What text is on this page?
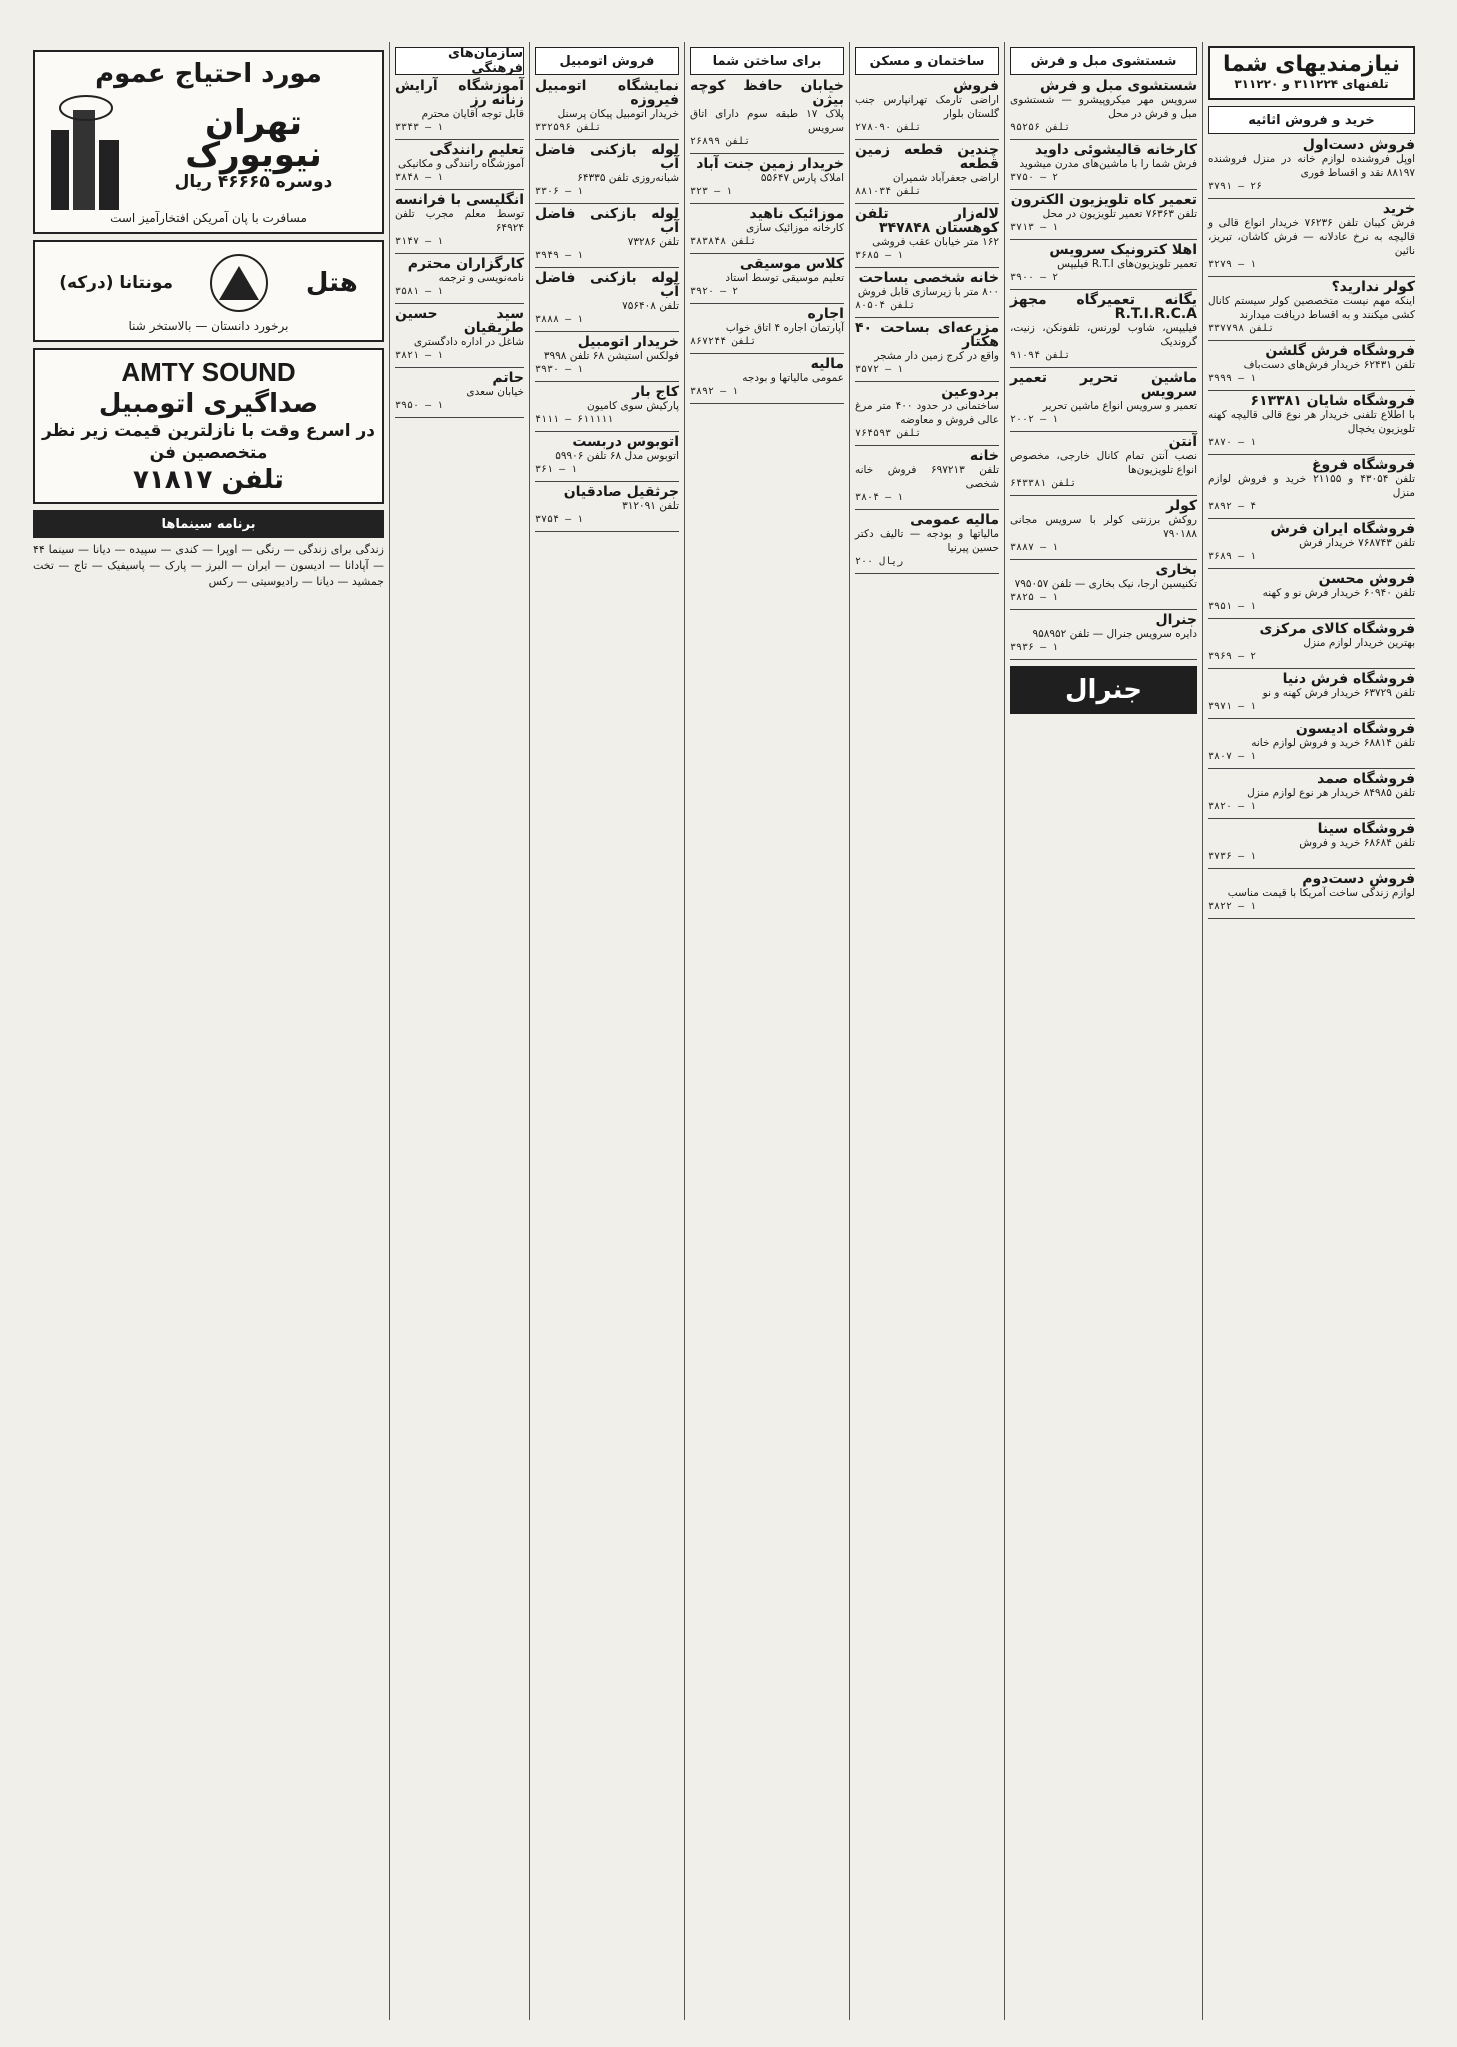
نیازمندیهای شما
تلفنهای ۳۱۱۲۲۴ و ۳۱۱۲۲۰
خرید و فروش اثاثیه
فروش دست‌اول
اوپل فروشنده لوازم خانه در منزل فروشنده ۸۸۱۹۷ نقد و اقساط فوری
۳۷۹۱ — ۲۶
خرید
فرش کیبان تلفن ۷۶۲۳۶ خریدار انواع قالی و قالیچه به نرخ عادلانه — فرش کاشان، تبریز، نائین
۳۲۷۹ — ۱
کولر ندارید؟
اینکه مهم نیست متخصصین کولر سیستم کانال کشی میکنند و به اقساط دریافت میدارند
تلفن ۳۳۷۷۹۸
فروشگاه فرش گلشن
تلفن ۶۲۴۳۱ خریدار فرش‌های دست‌باف
۳۹۹۹ — ۱
فروشگاه شایان ۶۱۳۳۸۱
با اطلاع تلفنی خریدار هر نوع قالی قالیچه کهنه تلویزیون یخچال
۳۸۷۰ — ۱
فروشگاه فروغ
تلفن ۴۳۰۵۴ و ۲۱۱۵۵ خرید و فروش لوازم منزل
۳۸۹۲ — ۴
فروشگاه ایران فرش
تلفن ۷۶۸۷۴۳ خریدار فرش
۳۶۸۹ — ۱
فروش محسن
تلفن ۶۰۹۴۰ خریدار فرش نو و کهنه
۳۹۵۱ — ۱
فروشگاه کالای مرکزی
بهترین خریدار لوازم منزل
۳۹۶۹ — ۲
فروشگاه فرش دنیا
تلفن ۶۳۷۲۹ خریدار فرش کهنه و نو
۳۹۷۱ — ۱
فروشگاه ادیسون
تلفن ۶۸۸۱۴ خرید و فروش لوازم خانه
۳۸۰۷ — ۱
فروشگاه صمد
تلفن ۸۴۹۸۵ خریدار هر نوع لوازم منزل
۳۸۲۰ — ۱
فروشگاه سینا
تلفن ۶۸۶۸۴ خرید و فروش
۳۷۳۶ — ۱
فروش دست‌دوم
لوازم زندگی ساخت آمریکا با قیمت مناسب
۳۸۲۲ — ۱
شستشوی مبل و فرش
شستشوی مبل و فرش
سرویس مهر میکروپیشرو — شستشوی مبل و فرش در محل
تلفن ۹۵۲۵۶
کارخانه قالیشوئی داوید
فرش شما را با ماشین‌های مدرن میشوید
۳۷۵۰ — ۲
تعمیر کاه تلویزیون الکترون
تلفن ۷۶۳۶۳ تعمیر تلویزیون در محل
۳۷۱۳ — ۱
اهلا کترونیک سرویس
تعمیر تلویزیون‌های R.T.I فیلیپس
۳۹۰۰ — ۲
یگانه تعمیرگاه مجهز R.T.I.R.C.A
فیلیپس، شاوب لورنس، تلفونکن، زنیت، گروندیک
تلفن ۹۱۰۹۴
ماشین تحریر تعمیر سرویس
تعمیر و سرویس انواع ماشین تحریر
۲۰۰۲ — ۱
آنتن
نصب آنتن تمام کانال خارجی، مخصوص انواع تلویزیون‌ها
تلفن ۶۴۳۳۸۱
کولر
روکش برزنتی کولر با سرویس مجانی ۷۹۰۱۸۸
۳۸۸۷ — ۱
بخاری
تکنیسین ارجا، نیک بخاری — تلفن ۷۹۵۰۵۷
۳۸۲۵ — ۱
جنرال
دایره سرویس جنرال — تلفن ۹۵۸۹۵۲
۳۹۳۶ — ۱
جنرال
ساختمان و مسکن
فروش
اراضی تارمک تهرانپارس جنب گلستان بلوار
تلفن ۲۷۸۰۹۰
چندین قطعه زمین قطعه
اراضی جعفرآباد شمیران
تلفن ۸۸۱۰۳۴
لاله‌زار تلفن کوهستان ۳۴۷۸۴۸
۱۶۲ متر خیابان عقب فروشی
۳۶۸۵ — ۱
خانه شخصی بساحت
۸۰۰ متر با زیرسازی قابل فروش
تلفن ۸۰۵۰۴
مزرعه‌ای بساحت ۴۰ هکتار
واقع در کرج زمین دار مشجر
۳۵۷۲ — ۱
بردوعین
ساختمانی در حدود ۴۰۰ متر مرغ عالی فروش و معاوضه
تلفن ۷۶۴۵۹۳
خانه
تلفن ۶۹۷۲۱۳ فروش خانه شخصی
۳۸۰۴ — ۱
مالیه عمومی
مالیاتها و بودجه — تالیف دکتر حسین پیرنیا
۲۰۰ ریال
برای ساختن شما
خیابان حافظ کوچه بیژن
پلاک ۱۷ طبقه سوم دارای اتاق سرویس
تلفن ۲۶۸۹۹
خریدار زمین جنت آباد
املاک پارس ۵۵۶۴۷
۳۲۳ — ۱
موزائیک ناهید
کارخانه موزائیک سازی
تلفن ۳۸۳۸۴۸
کلاس موسیقی
تعلیم موسیقی توسط استاد
۳۹۲۰ — ۲
اجاره
آپارتمان اجاره ۴ اتاق خواب
تلفن ۸۶۷۲۴۴
مالیه
عمومی مالیاتها و بودجه
۳۸۹۲ — ۱
فروش اتومبیل
نمایشگاه اتومبیل فیروزه
خریدار اتومبیل پیکان پرسنل
تلفن ۳۳۲۵۹۶
لوله بازکنی فاضل آب
شبانه‌روزی تلفن ۶۴۳۳۵
۳۳۰۶ — ۱
لوله بازکنی فاضل آب
تلفن ۷۳۲۸۶
۳۹۴۹ — ۱
لوله بازکنی فاضل آب
تلفن ۷۵۶۴۰۸
۳۸۸۸ — ۱
خریدار اتومبیل
فولکس استیشن ۶۸ تلفن ۳۹۹۸
۳۹۳۰ — ۱
کاج بار
پارکیش سوی کامیون
۴۱۱۱ — ۶۱۱۱۱۱
اتوبوس دربست
اتوبوس مدل ۶۸ تلفن ۵۹۹۰۶
۳۶۱ — ۱
جرثقیل صادقیان
تلفن ۳۱۲۰۹۱
۳۷۵۴ — ۱
سازمان‌های فرهنگی
آموزشگاه آرایش زنانه رز
قابل توجه آقایان محترم
۳۳۴۳ — ۱
تعلیم رانندگی
آموزشگاه رانندگی و مکانیکی
۳۸۴۸ — ۱
انگلیسی با فرانسه
توسط معلم مجرب تلفن ۶۴۹۲۴
۳۱۴۷ — ۱
کارگزاران محترم
نامه‌نویسی و ترجمه
۳۵۸۱ — ۱
سید حسین طریقیان
شاغل در اداره دادگستری
۳۸۲۱ — ۱
حاتم
خیابان سعدی
۳۹۵۰ — ۱
مورد احتیاج عموم
تهران
نیویورک
دوسره ۴۶۶۶۵ ریال
مسافرت با پان آمریکن افتخارآمیز است
هتل
مونتانا (درکه)
برخورد دانستان — بالاستخر شنا
AMTY SOUND
صداگیری اتومبیل
در اسرع وقت با نازلترین قیمت زیر نظر متخصصین فن
تلفن ۷۱۸۱۷
برنامه سینماها
زندگی برای زندگی — رنگی — اوپرا — کندی — سپیده — دیانا — سینما ۴۴ — آپادانا — ادیسون — ایران — البرز — پارک — پاسیفیک — تاج — تخت جمشید — دیانا — رادیوسیتی — رکس
